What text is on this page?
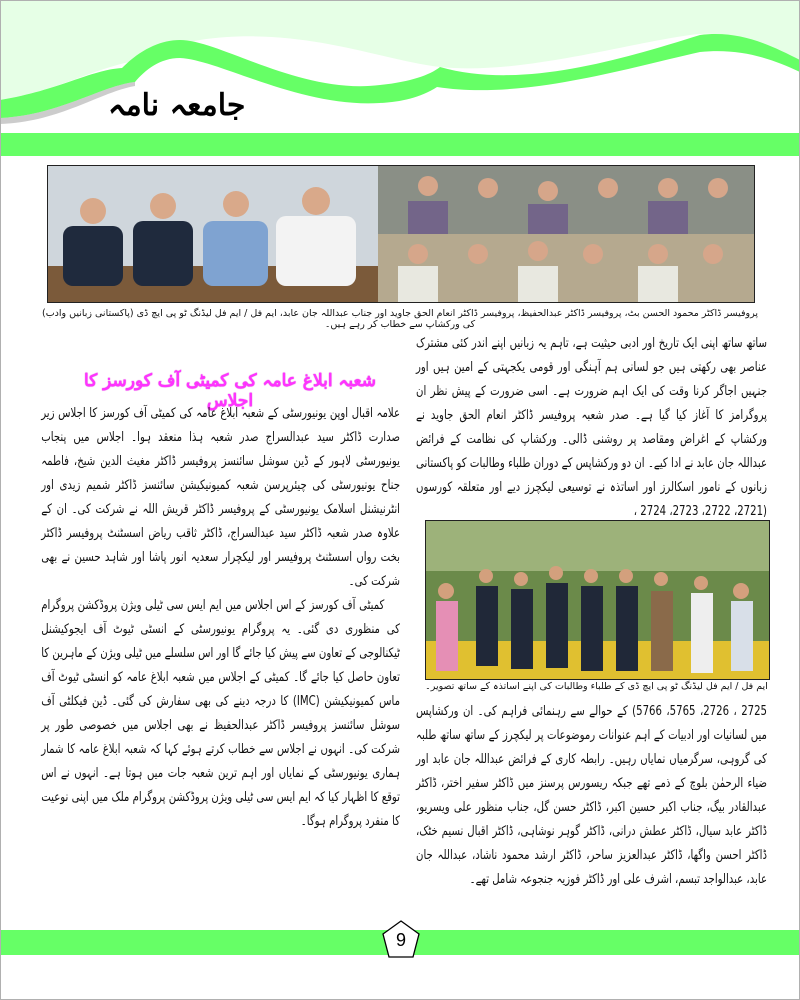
جامعہ نامہ
پروفیسر ڈاکٹر محمود الحسن بٹ، پروفیسر ڈاکٹر عبدالحفیظ، پروفیسر ڈاکٹر انعام الحق جاوید اور جناب عبداللہ جان عابد، ایم فل / ایم فل لیڈنگ ٹو پی ایچ ڈی (پاکستانی زبانیں وادب) کی ورکشاپ سے خطاب کر رہے ہیں۔

ساتھ ساتھ اپنی ایک تاریخ اور ادبی حیثیت ہے، تاہم یہ زبانیں اپنے اندر کئی مشترک عناصر بھی رکھتی ہیں جو لسانی ہم آہنگی اور قومی یکجہتی کے امین ہیں اور جنہیں اجاگر کرنا وقت کی ایک اہم ضرورت ہے۔ اسی ضرورت کے پیش نظر ان پروگرامز کا آغاز کیا گیا ہے۔ صدر شعبہ پروفیسر ڈاکٹر انعام الحق جاوید نے ورکشاپ کے اغراض ومقاصد پر روشنی ڈالی۔ ورکشاپ کی نظامت کے فرائض عبداللہ جان عابد نے ادا کیے۔ ان دو ورکشاپس کے دوران طلباء وطالبات کو پاکستانی زبانوں کے نامور اسکالرز اور اساتذہ نے توسیعی لیکچرز دیے اور متعلقہ کورسوں (2721، 2722، 2723، 2724 ،

ایم فل / ایم فل لیڈنگ ٹو پی ایچ ڈی کے طلباء وطالبات کی اپنے اساتذہ کے ساتھ تصویر۔

2725 ، 2726، 5765، 5766) کے حوالے سے رہنمائی فراہم کی۔ ان ورکشاپس میں لسانیات اور ادبیات کے اہم عنوانات رموضوعات پر لیکچرز کے ساتھ ساتھ طلبہ کی گروہی، سرگرمیاں نمایاں رہیں۔ رابطہ کاری کے فرائض عبداللہ جان عابد اور ضیاء الرحمٰن بلوچ کے ذمے تھے جبکہ ریسورس پرسنز میں ڈاکٹر سفیر اختر، ڈاکٹر عبدالقادر بیگ، جناب اکبر حسین اکبر، ڈاکٹر حسن گل، جناب منظور علی ویسریو، ڈاکٹر عابد سیال، ڈاکٹر عطش درانی، ڈاکٹر گوہر نوشاہی، ڈاکٹر اقبال نسیم خٹک، ڈاکٹر احسن واگھا، ڈاکٹر عبدالعزیز ساحر، ڈاکٹر ارشد محمود ناشاد، عبداللہ جان عابد، عبدالواجد تبسم، اشرف علی اور ڈاکٹر فوزیہ جنجوعہ شامل تھے۔

شعبہ ابلاغ عامہ کی کمیٹی آف کورسز کا اجلاس

علامہ اقبال اوپن یونیورسٹی کے شعبہ ابلاغ عامہ کی کمیٹی آف کورسز کا اجلاس زیر صدارت ڈاکٹر سید عبدالسراج صدر شعبہ ہذا منعقد ہوا۔ اجلاس میں پنجاب یونیورسٹی لاہور کے ڈین سوشل سائنسز پروفیسر ڈاکٹر مغیث الدین شیخ، فاطمہ جناح یونیورسٹی کی چیئرپرسن شعبہ کمیونیکیشن سائنسز ڈاکٹر شمیم زیدی اور انٹرنیشنل اسلامک یونیورسٹی کے پروفیسر ڈاکٹر قریش اللہ نے شرکت کی۔ ان کے علاوہ صدر شعبہ ڈاکٹر سید عبدالسراج، ڈاکٹر ثاقب ریاض اسسٹنٹ پروفیسر ڈاکٹر بخت رواں اسسٹنٹ پروفیسر اور لیکچرار سعدیہ انور پاشا اور شاہد حسین نے بھی شرکت کی۔

کمیٹی آف کورسز کے اس اجلاس میں ایم ایس سی ٹیلی ویژن پروڈکشن پروگرام کی منظوری دی گئی۔ یہ پروگرام یونیورسٹی کے انسٹی ٹیوٹ آف ایجوکیشنل ٹیکنالوجی کے تعاون سے پیش کیا جائے گا اور اس سلسلے میں ٹیلی ویژن کے ماہرین کا تعاون حاصل کیا جائے گا۔ کمیٹی کے اجلاس میں شعبہ ابلاغ عامہ کو انسٹی ٹیوٹ آف ماس کمیونیکیشن (IMC) کا درجہ دینے کی بھی سفارش کی گئی۔ ڈین فیکلٹی آف سوشل سائنسز پروفیسر ڈاکٹر عبدالحفیظ نے بھی اجلاس میں خصوصی طور پر شرکت کی۔ انہوں نے اجلاس سے خطاب کرتے ہوئے کہا کہ شعبہ ابلاغ عامہ کا شمار ہماری یونیورسٹی کے نمایاں اور اہم ترین شعبہ جات میں ہوتا ہے۔ انہوں نے اس توقع کا اظہار کیا کہ ایم ایس سی ٹیلی ویژن پروڈکشن پروگرام ملک میں اپنی نوعیت کا منفرد پروگرام ہوگا۔

9
